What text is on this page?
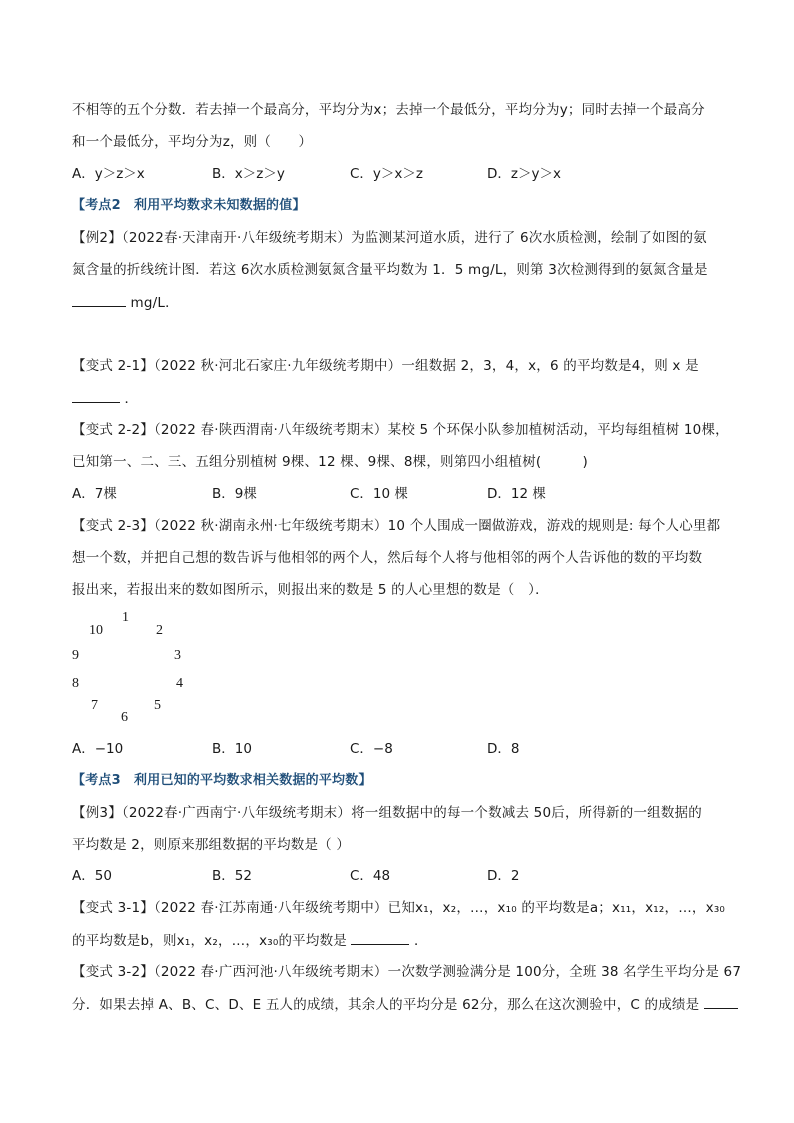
不相等的五个分数．若去掉一个最高分，平均分为x；去掉一个最低分，平均分为y；同时去掉一个最高分
和一个最低分，平均分为z，则（　　）
A．y＞z＞x	B．x＞z＞y	C．y＞x＞z	D．z＞y＞x
【考点2　利用平均数求未知数据的值】
【例2】（2022春·天津南开·八年级统考期末）为监测某河道水质，进行了 6次水质检测，绘制了如图的氨
氮含量的折线统计图．若这 6次水质检测氨氮含量平均数为 1．5 mg/L，则第 3次检测得到的氨氮含量是
mg/L．
【变式 2-1】（2022 秋·河北石家庄·九年级统考期中）一组数据 2，3，4，x，6 的平均数是4，则 x 是
．
【变式 2-2】（2022 春·陕西渭南·八年级统考期末）某校 5 个环保小队参加植树活动，平均每组植树 10棵，
已知第一、二、三、五组分别植树 9棵、12 棵、9棵、8棵，则第四小组植树(　　　)
A．7棵	B．9棵	C．10 棵	D．12 棵
【变式 2-3】（2022 秋·湖南永州·七年级统考期末）10 个人围成一圈做游戏，游戏的规则是: 每个人心里都
想一个数，并把自己想的数告诉与他相邻的两个人，然后每个人将与他相邻的两个人告诉他的数的平均数
报出来，若报出来的数如图所示，则报出来的数是 5 的人心里想的数是（　）．
1
2
3
4
5
6
7
8
9
10
A．−10	B．10	C．−8	D．8
【考点3　利用已知的平均数求相关数据的平均数】
【例3】（2022春·广西南宁·八年级统考期末）将一组数据中的每一个数减去 50后，所得新的一组数据的
平均数是 2，则原来那组数据的平均数是（ ）
A．50	B．52	C．48	D．2
【变式 3-1】（2022 春·江苏南通·八年级统考期中）已知x₁，x₂，…，x₁₀ 的平均数是a；x₁₁，x₁₂，…，x₃₀
的平均数是b，则x₁，x₂，…，x₃₀的平均数是	．
【变式 3-2】（2022 春·广西河池·八年级统考期末）一次数学测验满分是 100分，全班 38 名学生平均分是 67
分．如果去掉 A、B、C、D、E 五人的成绩，其余人的平均分是 62分，那么在这次测验中，C 的成绩是
